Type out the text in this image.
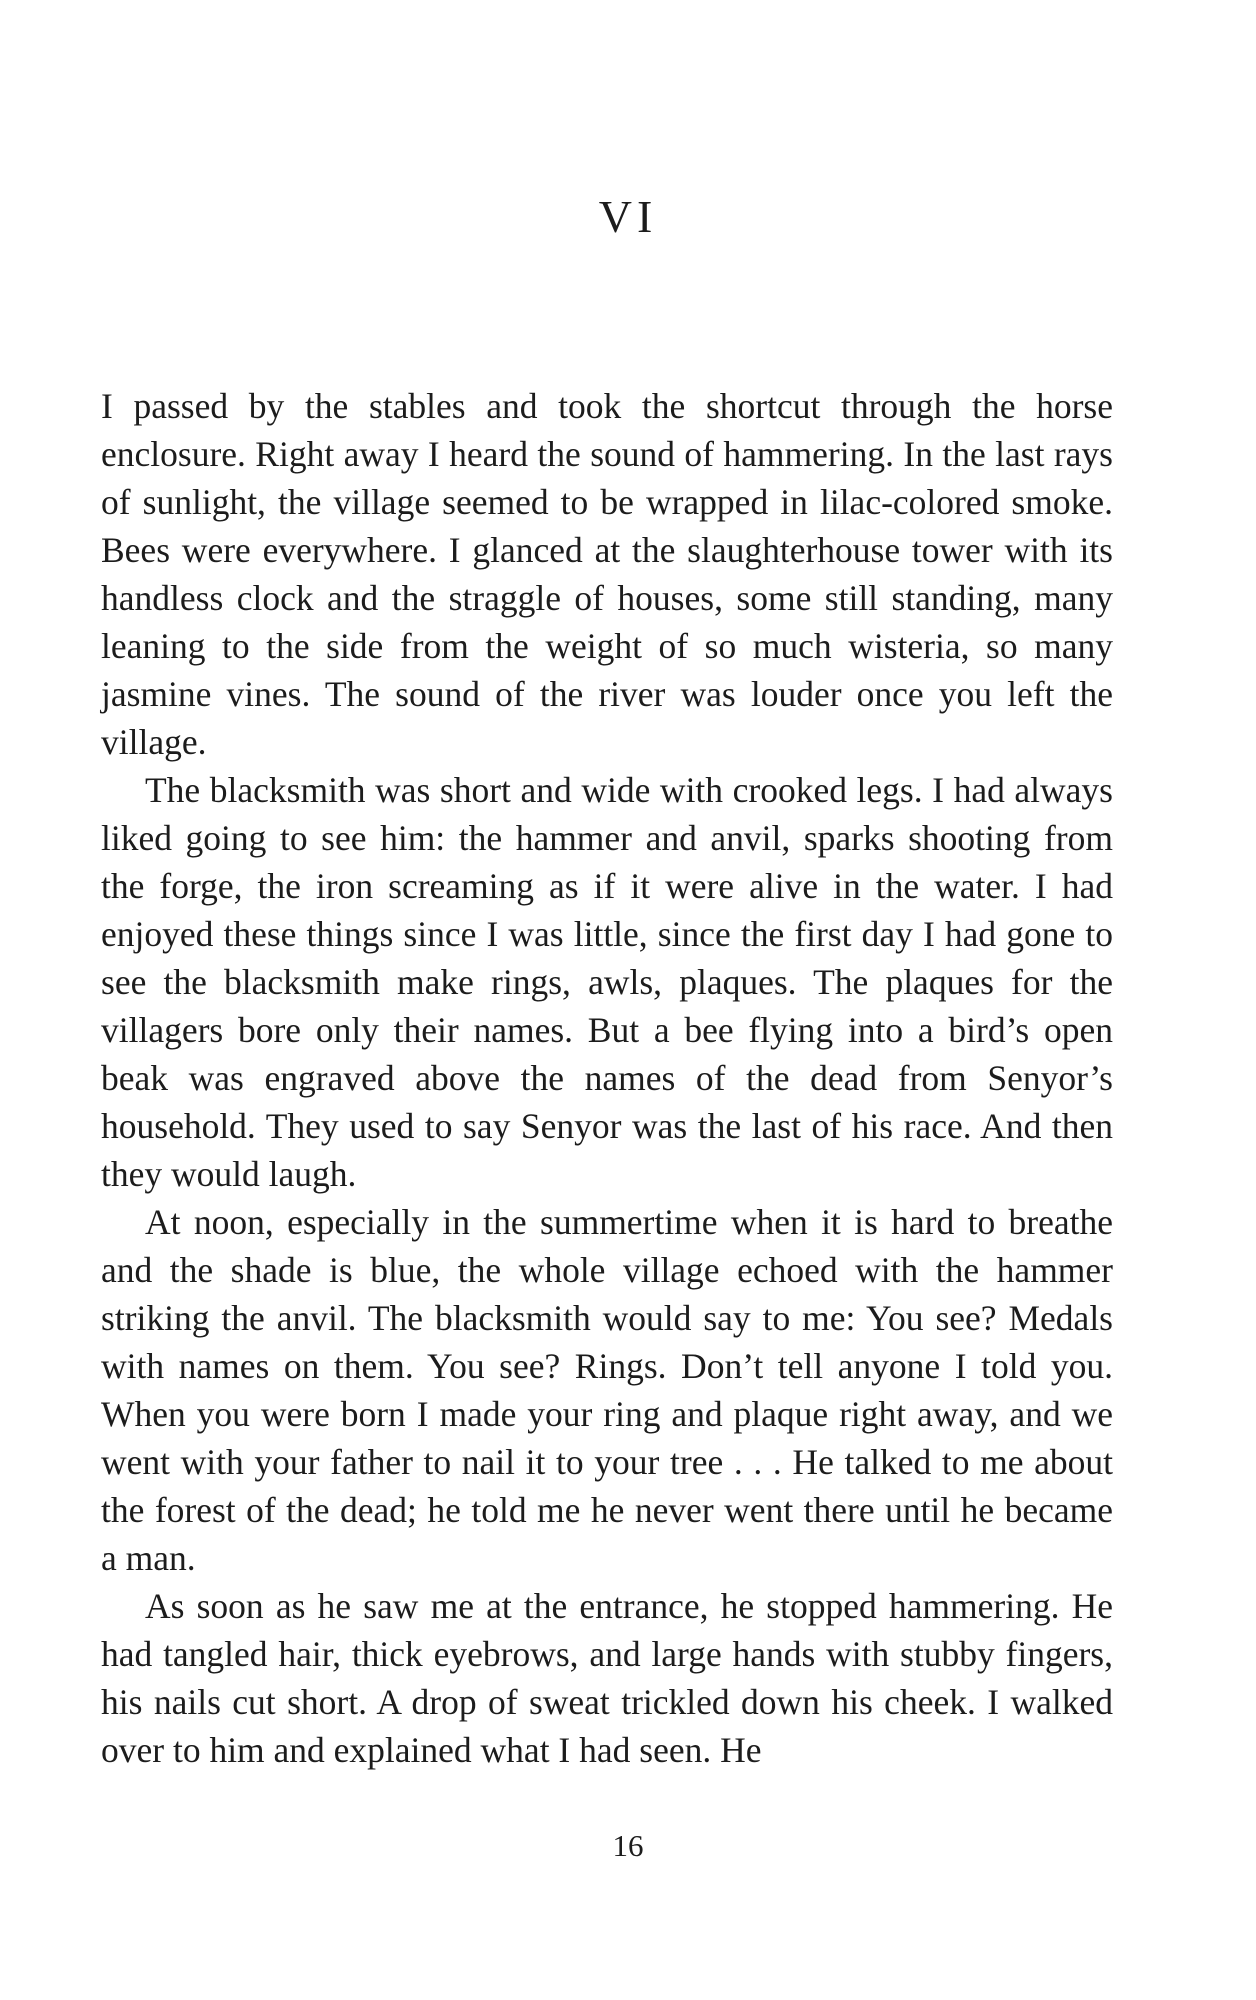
VI

I passed by the stables and took the shortcut through the horse enclosure. Right away I heard the sound of hammering. In the last rays of sunlight, the village seemed to be wrapped in lilac-colored smoke. Bees were everywhere. I glanced at the slaughterhouse tower with its handless clock and the straggle of houses, some still standing, many leaning to the side from the weight of so much wisteria, so many jasmine vines. The sound of the river was louder once you left the village.

The blacksmith was short and wide with crooked legs. I had always liked going to see him: the hammer and anvil, sparks shooting from the forge, the iron screaming as if it were alive in the water. I had enjoyed these things since I was little, since the first day I had gone to see the blacksmith make rings, awls, plaques. The plaques for the villagers bore only their names. But a bee flying into a bird’s open beak was engraved above the names of the dead from Senyor’s household. They used to say Senyor was the last of his race. And then they would laugh.

At noon, especially in the summertime when it is hard to breathe and the shade is blue, the whole village echoed with the hammer striking the anvil. The blacksmith would say to me: You see? Medals with names on them. You see? Rings. Don’t tell anyone I told you. When you were born I made your ring and plaque right away, and we went with your father to nail it to your tree . . . He talked to me about the forest of the dead; he told me he never went there until he became a man.

As soon as he saw me at the entrance, he stopped hammering. He had tangled hair, thick eyebrows, and large hands with stubby fingers, his nails cut short. A drop of sweat trickled down his cheek. I walked over to him and explained what I had seen. He

16
